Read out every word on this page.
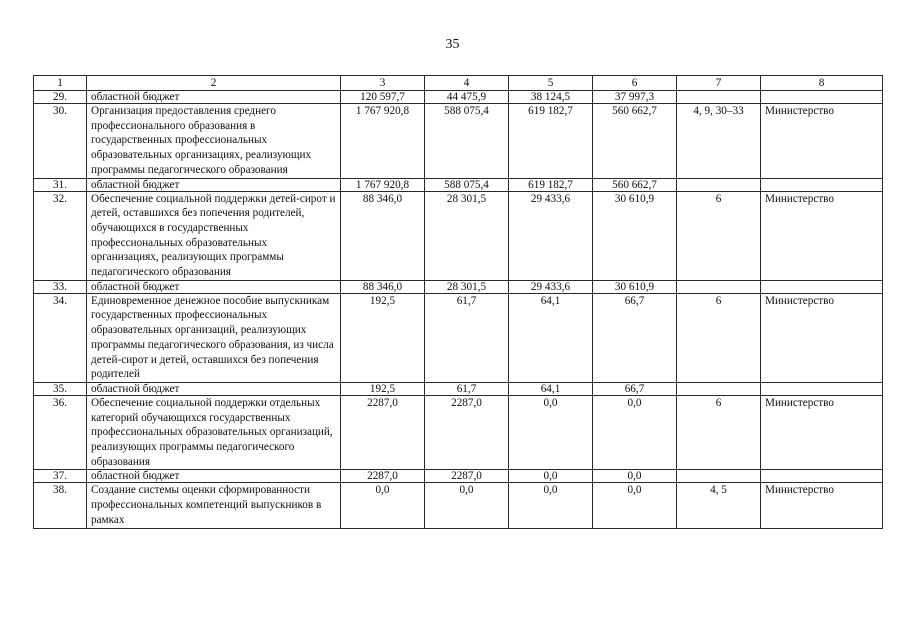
35
1	2	3	4	5	6	7	8
29.	областной бюджет	120 597,7	44 475,9	38 124,5	37 997,3		
30.	Организация предоставления среднего профессионального образования в государственных профессиональных образовательных организациях, реализующих программы педагогического образования	1 767 920,8	588 075,4	619 182,7	560 662,7	4, 9, 30–33	Министерство
31.	областной бюджет	1 767 920,8	588 075,4	619 182,7	560 662,7		
32.	Обеспечение социальной поддержки детей-сирот и детей, оставшихся без попечения родителей, обучающихся в государственных профессиональных образовательных организациях, реализующих программы педагогического образования	88 346,0	28 301,5	29 433,6	30 610,9	6	Министерство
33.	областной бюджет	88 346,0	28 301,5	29 433,6	30 610,9		
34.	Единовременное денежное пособие выпускникам государственных профессиональных образовательных организаций, реализующих программы педагогического образования, из числа детей-сирот и детей, оставшихся без попечения родителей	192,5	61,7	64,1	66,7	6	Министерство
35.	областной бюджет	192,5	61,7	64,1	66,7		
36.	Обеспечение социальной поддержки отдельных категорий обучающихся государственных профессиональных образовательных организаций, реализующих программы педагогического образования	2287,0	2287,0	0,0	0,0	6	Министерство
37.	областной бюджет	2287,0	2287,0	0,0	0,0		
38.	Создание системы оценки сформированности профессиональных компетенций выпускников в рамках	0,0	0,0	0,0	0,0	4, 5	Министерство
